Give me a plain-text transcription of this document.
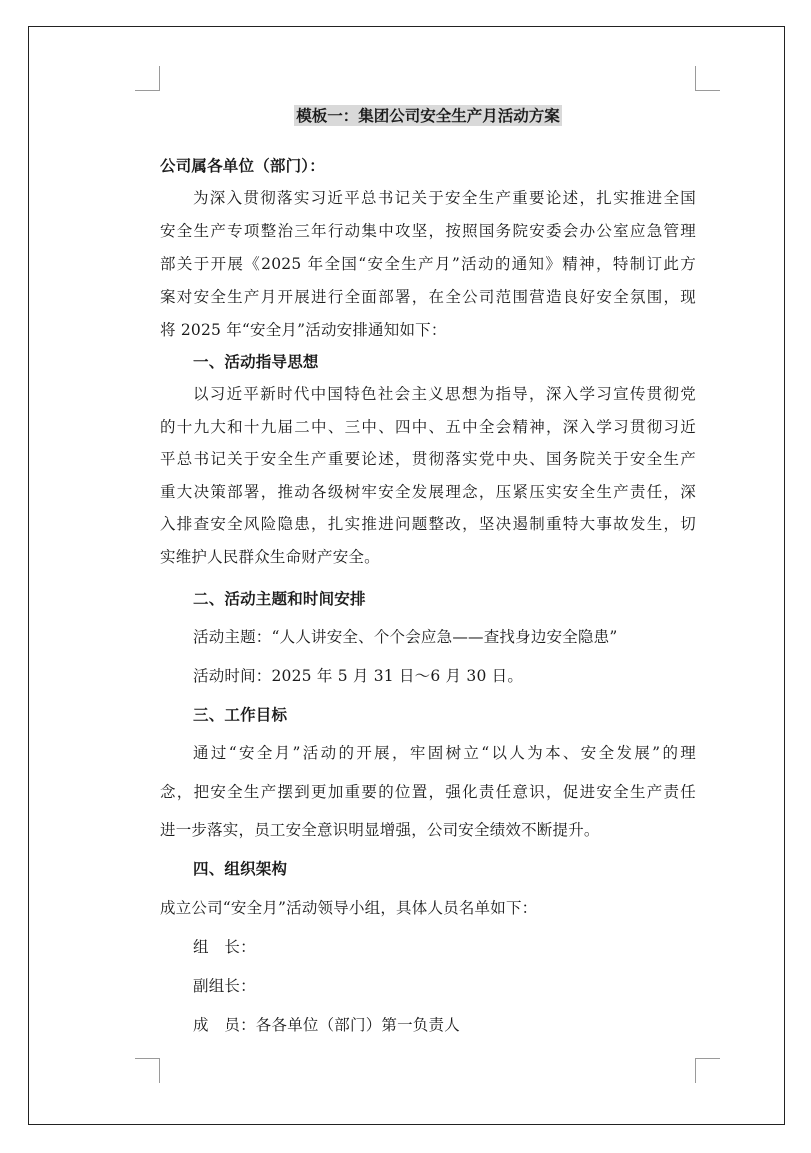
模板一：集团公司安全生产月活动方案
公司属各单位（部门）：
为深入贯彻落实习近平总书记关于安全生产重要论述，扎实推进全国
安全生产专项整治三年行动集中攻坚，按照国务院安委会办公室应急管理
部关于开展《2025 年全国“安全生产月”活动的通知》精神，特制订此方
案对安全生产月开展进行全面部署，在全公司范围营造良好安全氛围，现
将 2025 年“安全月”活动安排通知如下：
一、活动指导思想
以习近平新时代中国特色社会主义思想为指导，深入学习宣传贯彻党
的十九大和十九届二中、三中、四中、五中全会精神，深入学习贯彻习近
平总书记关于安全生产重要论述，贯彻落实党中央、国务院关于安全生产
重大决策部署，推动各级树牢安全发展理念，压紧压实安全生产责任，深
入排查安全风险隐患，扎实推进问题整改，坚决遏制重特大事故发生，切
实维护人民群众生命财产安全。
二、活动主题和时间安排
活动主题：“人人讲安全、个个会应急——查找身边安全隐患”
活动时间：2025 年 5 月 31 日～6 月 30 日。
三、工作目标
通过“安全月”活动的开展，牢固树立“以人为本、安全发展”的理
念，把安全生产摆到更加重要的位置，强化责任意识，促进安全生产责任
进一步落实，员工安全意识明显增强，公司安全绩效不断提升。
四、组织架构
成立公司“安全月”活动领导小组，具体人员名单如下：
组　长：
副组长：
成　员：各各单位（部门）第一负责人
